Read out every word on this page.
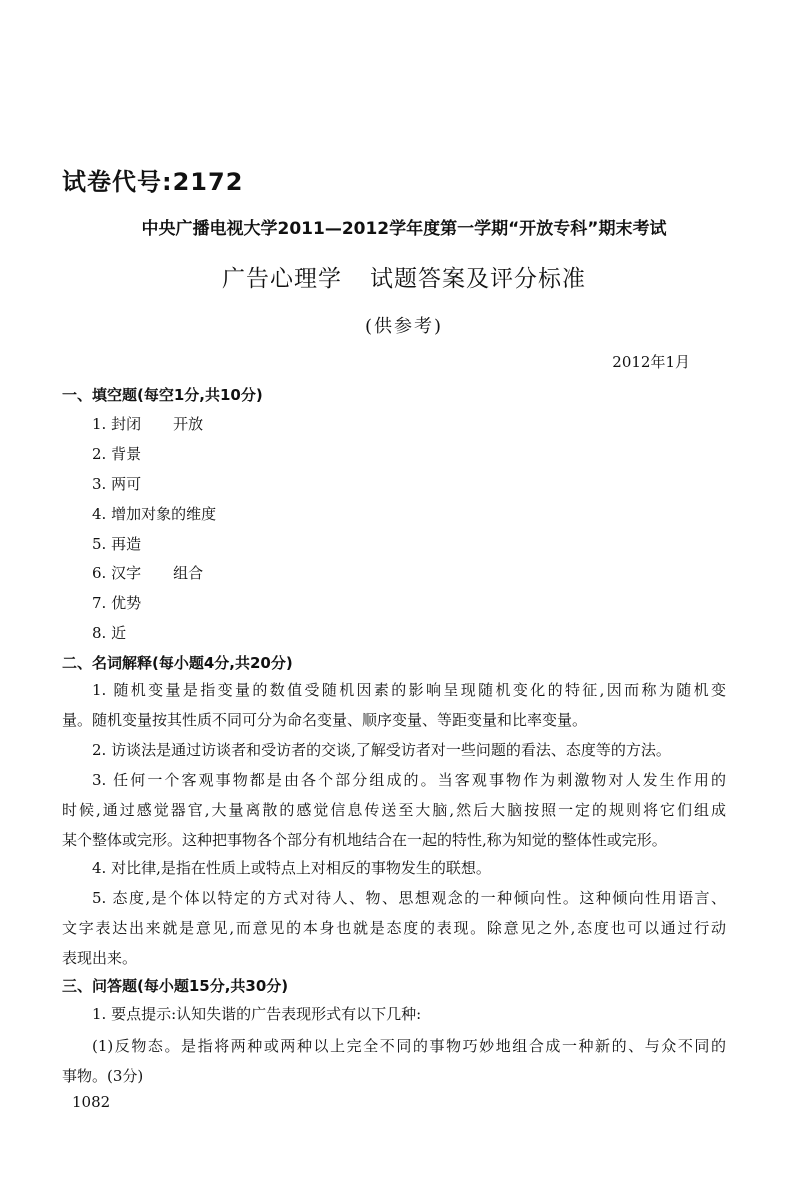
试卷代号:2172
中央广播电视大学2011—2012学年度第一学期“开放专科”期末考试
广告心理学 试题答案及评分标准
(供参考)
2012年1月
一、填空题(每空1分,共10分)
1. 封闭 开放
2. 背景
3. 两可
4. 增加对象的维度
5. 再造
6. 汉字 组合
7. 优势
8. 近
二、名词解释(每小题4分,共20分)
1. 随机变量是指变量的数值受随机因素的影响呈现随机变化的特征,因而称为随机变
量。随机变量按其性质不同可分为命名变量、顺序变量、等距变量和比率变量。
2. 访谈法是通过访谈者和受访者的交谈,了解受访者对一些问题的看法、态度等的方法。
3. 任何一个客观事物都是由各个部分组成的。当客观事物作为刺激物对人发生作用的
时候,通过感觉器官,大量离散的感觉信息传送至大脑,然后大脑按照一定的规则将它们组成
某个整体或完形。这种把事物各个部分有机地结合在一起的特性,称为知觉的整体性或完形。
4. 对比律,是指在性质上或特点上对相反的事物发生的联想。
5. 态度,是个体以特定的方式对待人、物、思想观念的一种倾向性。这种倾向性用语言、
文字表达出来就是意见,而意见的本身也就是态度的表现。除意见之外,态度也可以通过行动
表现出来。
三、问答题(每小题15分,共30分)
1. 要点提示:认知失谐的广告表现形式有以下几种:
(1)反物态。是指将两种或两种以上完全不同的事物巧妙地组合成一种新的、与众不同的
事物。(3分)
1082
